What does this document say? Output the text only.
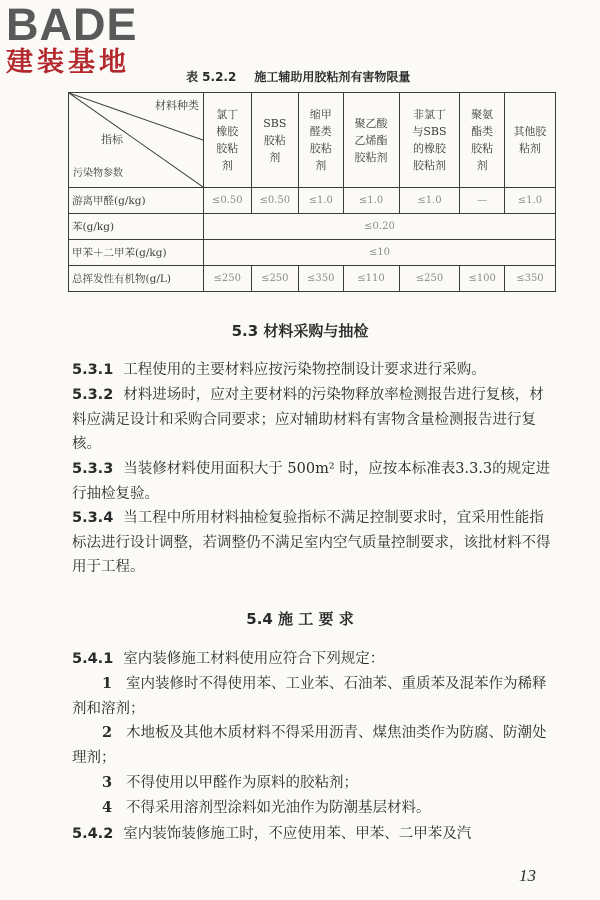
BADE
建装基地	表 5.2.2 施工辅助用胶粘剂有害物限量
材料种类
指标
污染物参数	氯丁橡胶胶粘剂	SBS胶粘剂	缩甲醛类胶粘剂	聚乙酸乙烯酯胶粘剂	非氯丁与SBS的橡胶胶粘剂	聚氨酯类胶粘剂	其他胶粘剂

游离甲醛(g/kg)	≤0.50	≤0.50	≤1.0	≤1.0	≤1.0	—	≤1.0
苯(g/kg)	≤0.20						
甲苯＋二甲苯(g/kg)	≤10						
总挥发性有机物(g/L)	≤250	≤250	≤350	≤110	≤250	≤100	≤350
5.3 材料采购与抽检
5.3.1 工程使用的主要材料应按污染物控制设计要求进行采购。
5.3.2 材料进场时，应对主要材料的污染物释放率检测报告进行复核，材料应满足设计和采购合同要求；应对辅助材料有害物含量检测报告进行复核。
5.3.3 当装修材料使用面积大于 500m² 时，应按本标准表3.3.3的规定进行抽检复验。
5.3.4 当工程中所用材料抽检复验指标不满足控制要求时，宜采用性能指标法进行设计调整，若调整仍不满足室内空气质量控制要求，该批材料不得用于工程。
5.4 施 工 要 求
5.4.1 室内装修施工材料使用应符合下列规定：
1 室内装修时不得使用苯、工业苯、石油苯、重质苯及混苯作为稀释剂和溶剂；
2 木地板及其他木质材料不得采用沥青、煤焦油类作为防腐、防潮处理剂；
3 不得使用以甲醛作为原料的胶粘剂；
4 不得采用溶剂型涂料如光油作为防潮基层材料。
5.4.2 室内装饰装修施工时，不应使用苯、甲苯、二甲苯及汽
13
